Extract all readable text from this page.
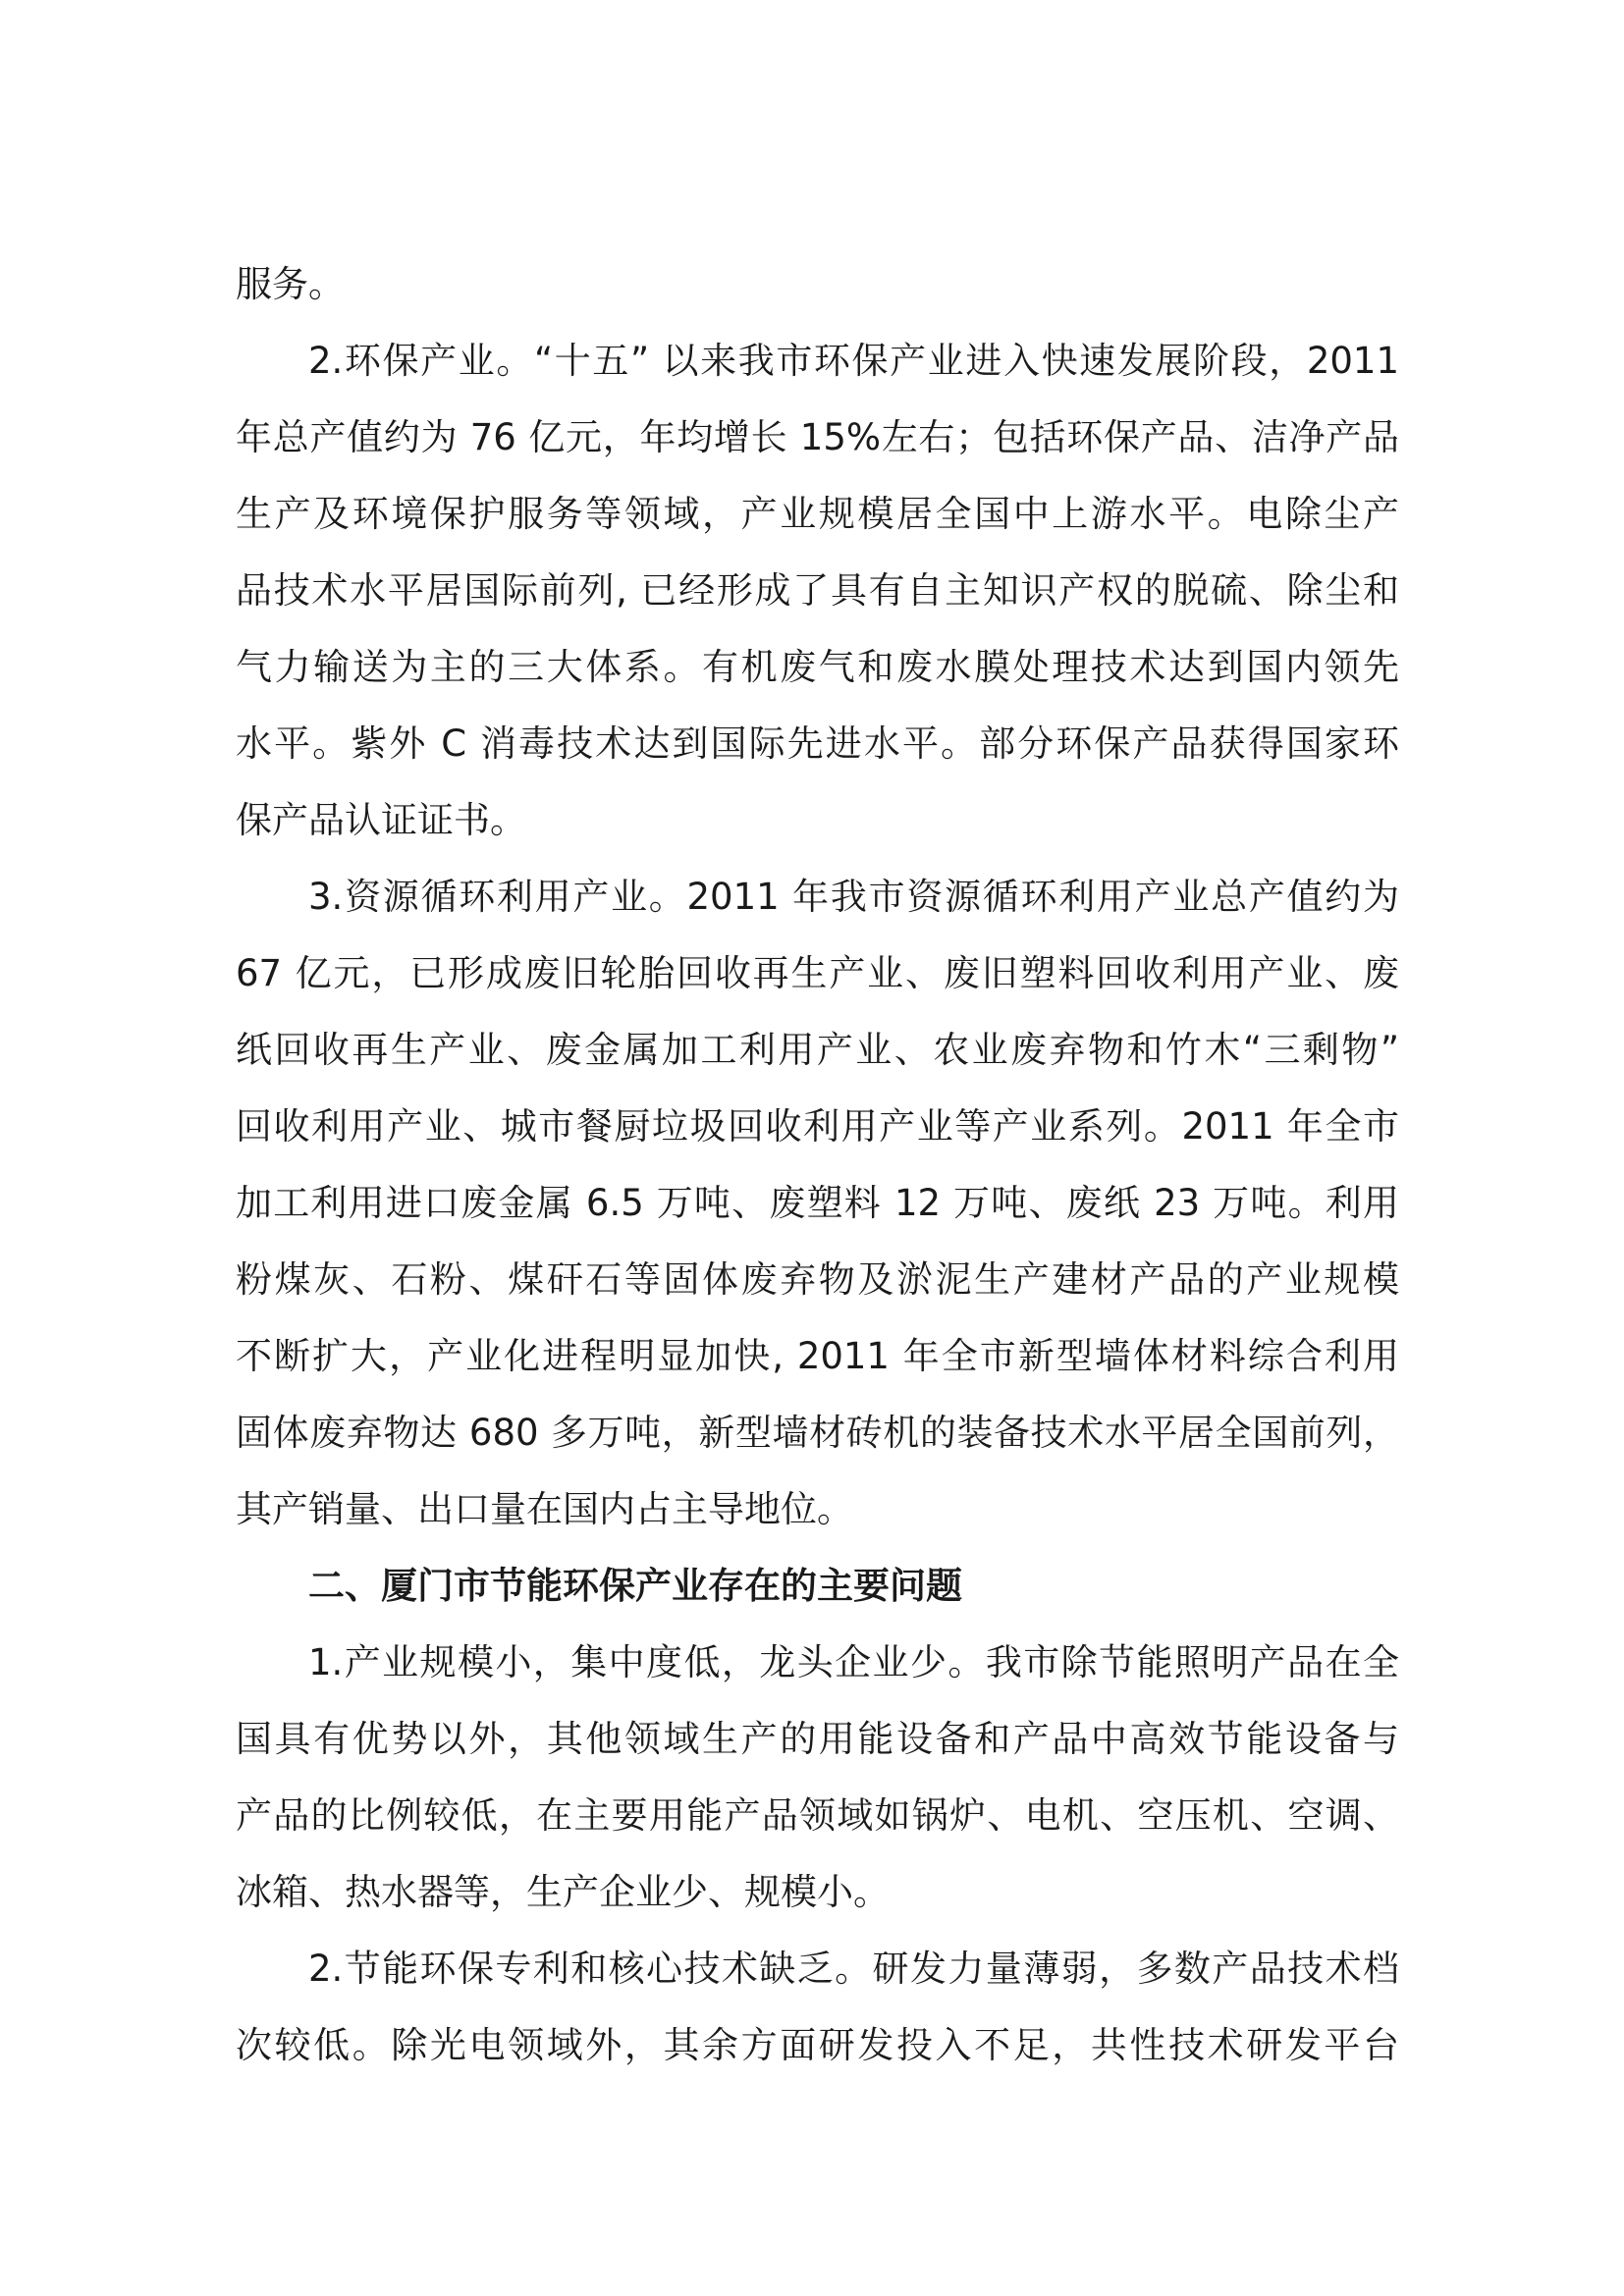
服务。

2.环保产业。“十五” 以来我市环保产业进入快速发展阶段，2011

年总产值约为 76 亿元，年均增长 15%左右；包括环保产品、洁净产品

生产及环境保护服务等领域，产业规模居全国中上游水平。电除尘产

品技术水平居国际前列, 已经形成了具有自主知识产权的脱硫、除尘和

气力输送为主的三大体系。有机废气和废水膜处理技术达到国内领先

水平。紫外 C 消毒技术达到国际先进水平。部分环保产品获得国家环

保产品认证证书。

3.资源循环利用产业。2011 年我市资源循环利用产业总产值约为

67 亿元，已形成废旧轮胎回收再生产业、废旧塑料回收利用产业、废

纸回收再生产业、废金属加工利用产业、农业废弃物和竹木“三剩物”

回收利用产业、城市餐厨垃圾回收利用产业等产业系列。2011 年全市

加工利用进口废金属 6.5 万吨、废塑料 12 万吨、废纸 23 万吨。利用

粉煤灰、石粉、煤矸石等固体废弃物及淤泥生产建材产品的产业规模

不断扩大，产业化进程明显加快, 2011 年全市新型墙体材料综合利用

固体废弃物达 680 多万吨，新型墙材砖机的装备技术水平居全国前列，

其产销量、出口量在国内占主导地位。

二、厦门市节能环保产业存在的主要问题

1.产业规模小，集中度低，龙头企业少。我市除节能照明产品在全

国具有优势以外，其他领域生产的用能设备和产品中高效节能设备与

产品的比例较低，在主要用能产品领域如锅炉、电机、空压机、空调、

冰箱、热水器等，生产企业少、规模小。

2.节能环保专利和核心技术缺乏。研发力量薄弱，多数产品技术档

次较低。除光电领域外，其余方面研发投入不足，共性技术研发平台
